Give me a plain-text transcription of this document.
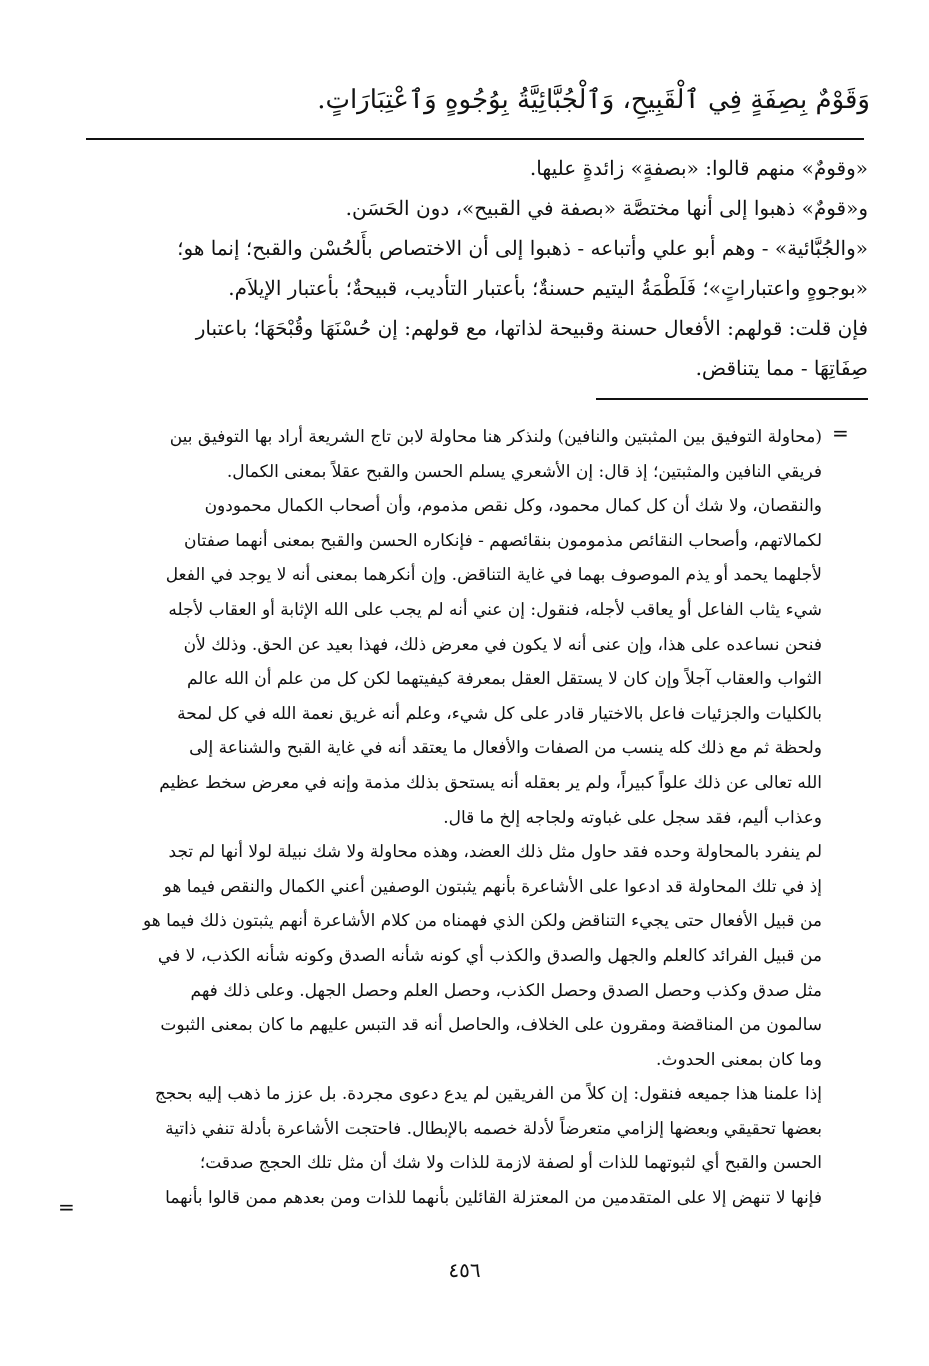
وَقَوْمٌ بِصِفَةٍ فِي ٱلْقَبِيحِ، وَٱلْجُبَّائِيَّةُ بِوُجُوهٍ وَٱعْتِبَارَاتٍ.
«وقومٌ» منهم قالوا: «بصفةٍ» زائدةٍ عليها.
و«قومٌ» ذهبوا إلى أنها مختصَّة «بصفة في القبيح»، دون الحَسَن.
«والجُبَّائية» - وهم أبو علي وأتباعه - ذهبوا إلى أن الاختصاص بأَلحُسْن والقبح؛ إنما هو؛
«بوجوهٍ واعتباراتٍ»؛ فَلَطْمَةُ اليتيم حسنةٌ؛ بأعتبار التأديب، قبيحةٌ؛ بأعتبار الإيلاَم.
فإن قلت: قولهم: الأفعال حسنة وقبيحة لذاتها، مع قولهم: إن حُسْنَهَا وقُبْحَهَا؛ باعتبار
صِفَاتِهَا - مما يتناقض.
=
(محاولة التوفيق بين المثبتين والنافين) ولنذكر هنا محاولة لابن تاج الشريعة أراد بها التوفيق بين
فريقي النافين والمثبتين؛ إذ قال: إن الأشعري يسلم الحسن والقبح عقلاً بمعنى الكمال.
والنقصان، ولا شك أن كل كمال محمود، وكل نقص مذموم، وأن أصحاب الكمال محمودون
لكمالاتهم، وأصحاب النقائص مذمومون بنقائصهم - فإنكاره الحسن والقبح بمعنى أنهما صفتان
لأجلهما يحمد أو يذم الموصوف بهما في غاية التناقض. وإن أنكرهما بمعنى أنه لا يوجد في الفعل
شيء يثاب الفاعل أو يعاقب لأجله، فنقول: إن عني أنه لم يجب على الله الإثابة أو العقاب لأجله
فنحن نساعده على هذا، وإن عنى أنه لا يكون في معرض ذلك، فهذا بعيد عن الحق. وذلك لأن
الثواب والعقاب آجلاً وإن كان لا يستقل العقل بمعرفة كيفيتهما لكن كل من علم أن الله عالم
بالكليات والجزئيات فاعل بالاختيار قادر على كل شيء، وعلم أنه غريق نعمة الله في كل لمحة
ولحظة ثم مع ذلك كله ينسب من الصفات والأفعال ما يعتقد أنه في غاية القبح والشناعة إلى
الله تعالى عن ذلك علواً كبيراً، ولم ير بعقله أنه يستحق بذلك مذمة وإنه في معرض سخط عظيم
وعذاب أليم، فقد سجل على غباوته ولجاجه إلخ ما قال.
لم ينفرد بالمحاولة وحده فقد حاول مثل ذلك العضد، وهذه محاولة ولا شك نبيلة لولا أنها لم تجد
إذ في تلك المحاولة قد ادعوا على الأشاعرة بأنهم يثبتون الوصفين أعني الكمال والنقص فيما هو
من قبيل الأفعال حتى يجيء التناقض ولكن الذي فهمناه من كلام الأشاعرة أنهم يثبتون ذلك فيما هو
من قبيل الفرائد كالعلم والجهل والصدق والكذب أي كونه شأنه الصدق وكونه شأنه الكذب، لا في
مثل صدق وكذب وحصل الصدق وحصل الكذب، وحصل العلم وحصل الجهل. وعلى ذلك فهم
سالمون من المناقضة ومقرون على الخلاف، والحاصل أنه قد التبس عليهم ما كان بمعنى الثبوت
وما كان بمعنى الحدوث.
إذا علمنا هذا جميعه فنقول: إن كلاً من الفريقين لم يدع دعوى مجردة. بل عزز ما ذهب إليه بحجج
بعضها تحقيقي وبعضها إلزامي متعرضاً لأدلة خصمه بالإبطال. فاحتجت الأشاعرة بأدلة تنفي ذاتية
الحسن والقبح أي لثبوتهما للذات أو لصفة لازمة للذات ولا شك أن مثل تلك الحجج صدقت؛
فإنها لا تنهض إلا على المتقدمين من المعتزلة القائلين بأنهما للذات ومن بعدهم ممن قالوا بأنهما
=
٤٥٦
